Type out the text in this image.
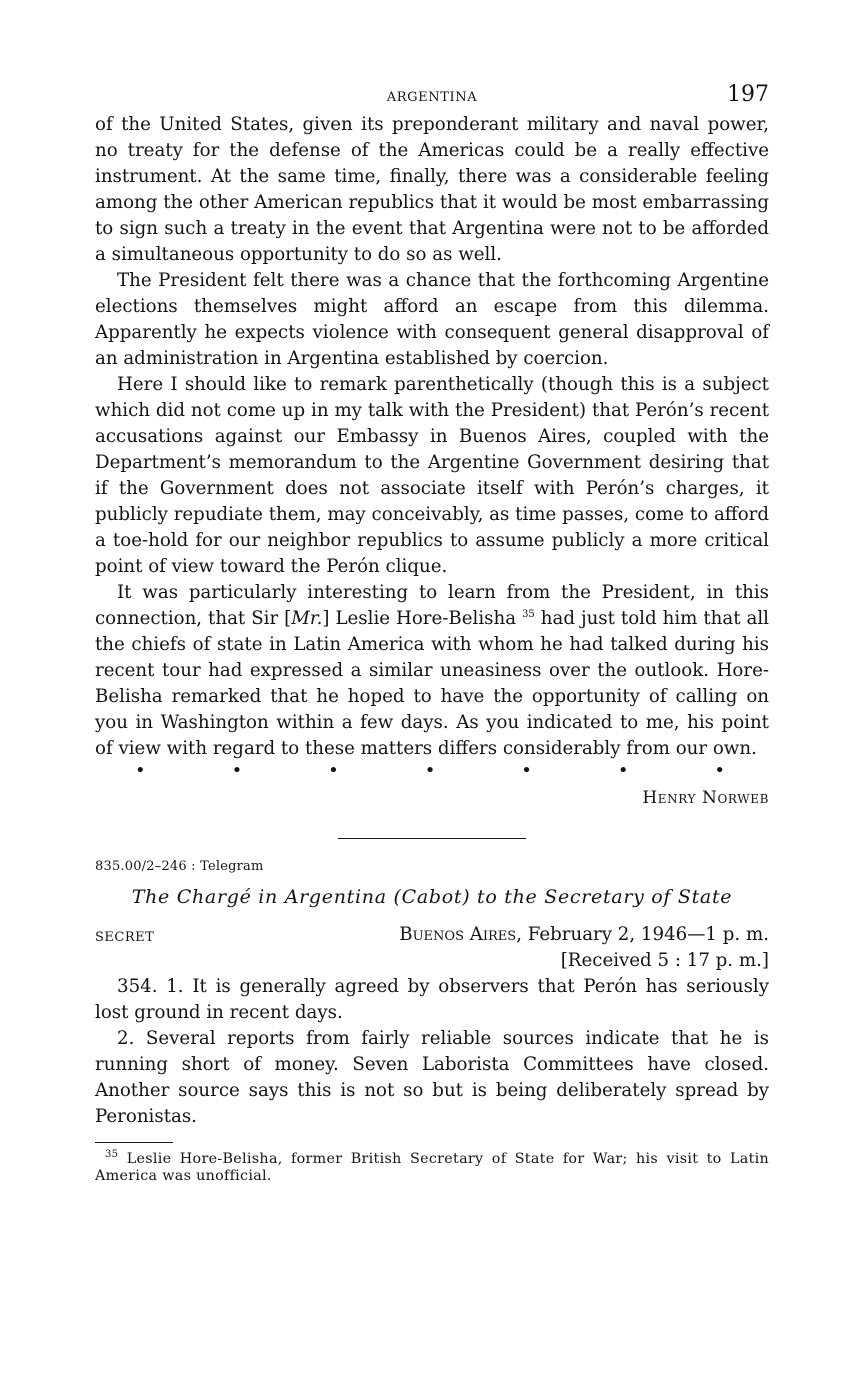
ARGENTINA	197

of the United States, given its preponderant military and naval power, no treaty for the defense of the Americas could be a really effective instrument. At the same time, finally, there was a considerable feeling among the other American republics that it would be most embarrassing to sign such a treaty in the event that Argentina were not to be afforded a simultaneous opportunity to do so as well.

The President felt there was a chance that the forthcoming Argentine elections themselves might afford an escape from this dilemma. Apparently he expects violence with consequent general disapproval of an administration in Argentina established by coercion.

Here I should like to remark parenthetically (though this is a subject which did not come up in my talk with the President) that Perón’s recent accusations against our Embassy in Buenos Aires, coupled with the Department’s memorandum to the Argentine Government desiring that if the Government does not associate itself with Perón’s charges, it publicly repudiate them, may conceivably, as time passes, come to afford a toe-hold for our neighbor republics to assume publicly a more critical point of view toward the Perón clique.

It was particularly interesting to learn from the President, in this connection, that Sir [Mr.] Leslie Hore-Belisha $^{35}$ had just told him that all the chiefs of state in Latin America with whom he had talked during his recent tour had expressed a similar uneasiness over the outlook. Hore-Belisha remarked that he hoped to have the opportunity of calling on you in Washington within a few days. As you indicated to me, his point of view with regard to these matters differs considerably from our own.

•	•	•	•	•	•	•
Henry Norweb
835.00/2–246 : Telegram
The Chargé in Argentina (Cabot) to the Secretary of State
SECRET	Buenos Aires, February 2, 1946—1 p. m.
[Received 5 : 17 p. m.]

354. 1. It is generally agreed by observers that Perón has seriously lost ground in recent days.

2. Several reports from fairly reliable sources indicate that he is running short of money. Seven Laborista Committees have closed. Another source says this is not so but is being deliberately spread by Peronistas.

$^{35}$ Leslie Hore-Belisha, former British Secretary of State for War; his visit to Latin America was unofficial.
